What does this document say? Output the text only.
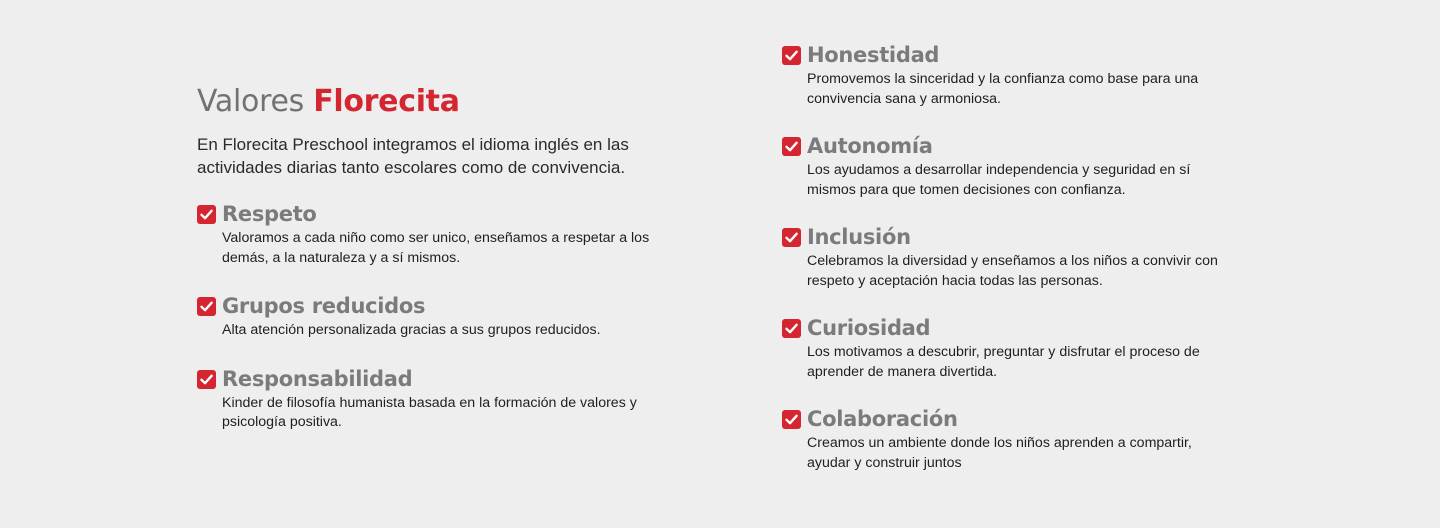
Valores Florecita

En Florecita Preschool integramos el idioma inglés en las actividades diarias tanto escolares como de convivencia.

Respeto

Valoramos a cada niño como ser unico, enseñamos a respetar a los demás, a la naturaleza y a sí mismos.

Grupos reducidos

Alta atención personalizada gracias a sus grupos reducidos.

Responsabilidad

Kinder de filosofía humanista basada en la formación de valores y psicología positiva.

Honestidad

Promovemos la sinceridad y la confianza como base para una convivencia sana y armoniosa.

Autonomía

Los ayudamos a desarrollar independencia y seguridad en sí mismos para que tomen decisiones con confianza.

Inclusión

Celebramos la diversidad y enseñamos a los niños a convivir con respeto y aceptación hacia todas las personas.

Curiosidad

Los motivamos a descubrir, preguntar y disfrutar el proceso de aprender de manera divertida.

Colaboración

Creamos un ambiente donde los niños aprenden a compartir, ayudar y construir juntos
